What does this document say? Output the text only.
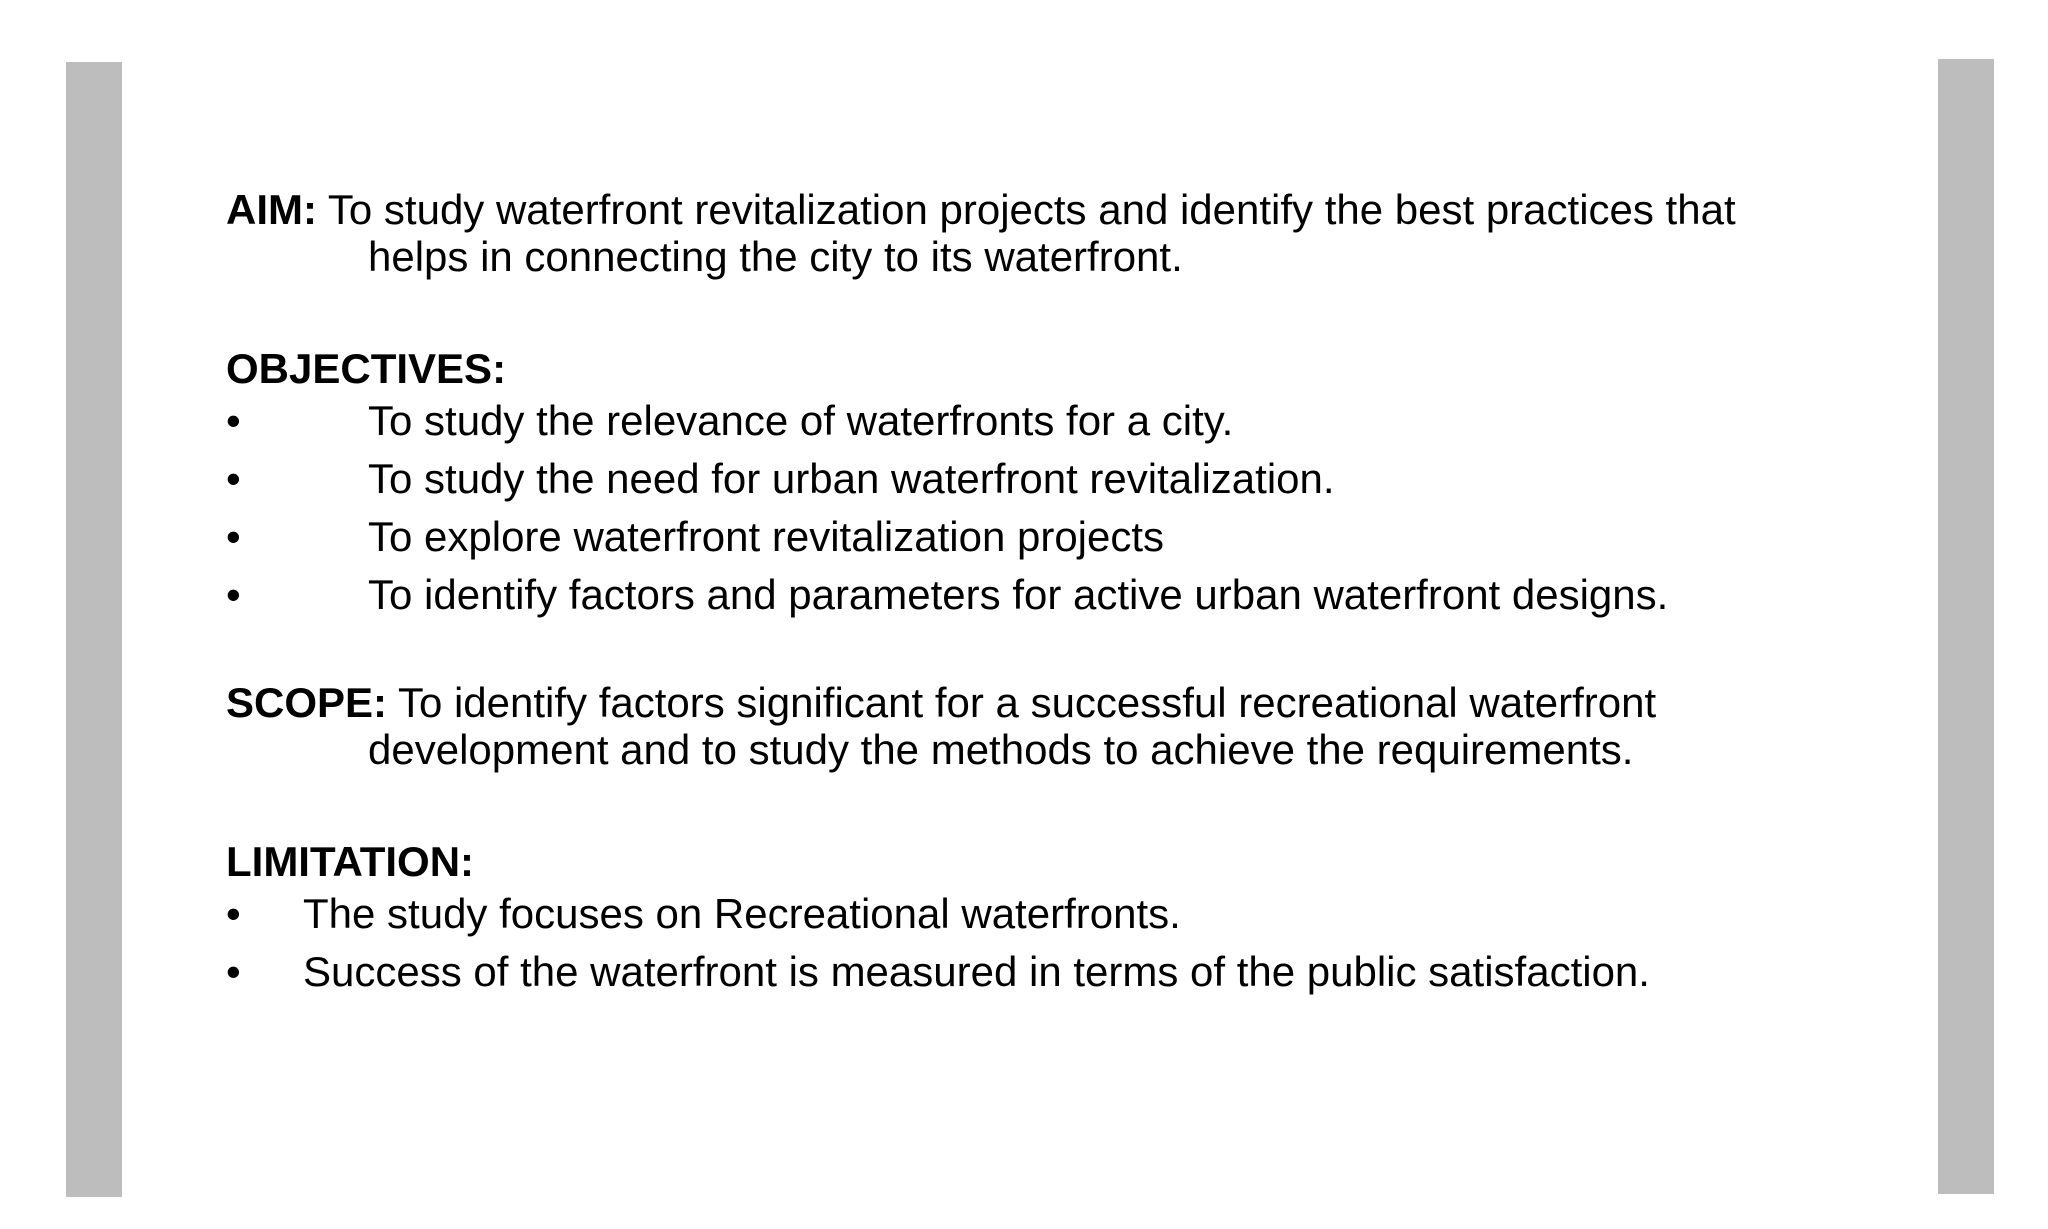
AIM: To study waterfront revitalization projects and identify the best practices that
helps in connecting the city to its waterfront.
OBJECTIVES:
•	To study the relevance of waterfronts for a city.
•	To study the need for urban waterfront revitalization.
•	To explore waterfront revitalization projects
•	To identify factors and parameters for active urban waterfront designs.
SCOPE: To identify factors significant for a successful recreational waterfront
development and to study the methods to achieve the requirements.
LIMITATION:
• The study focuses on Recreational waterfronts.
• Success of the waterfront is measured in terms of the public satisfaction.
